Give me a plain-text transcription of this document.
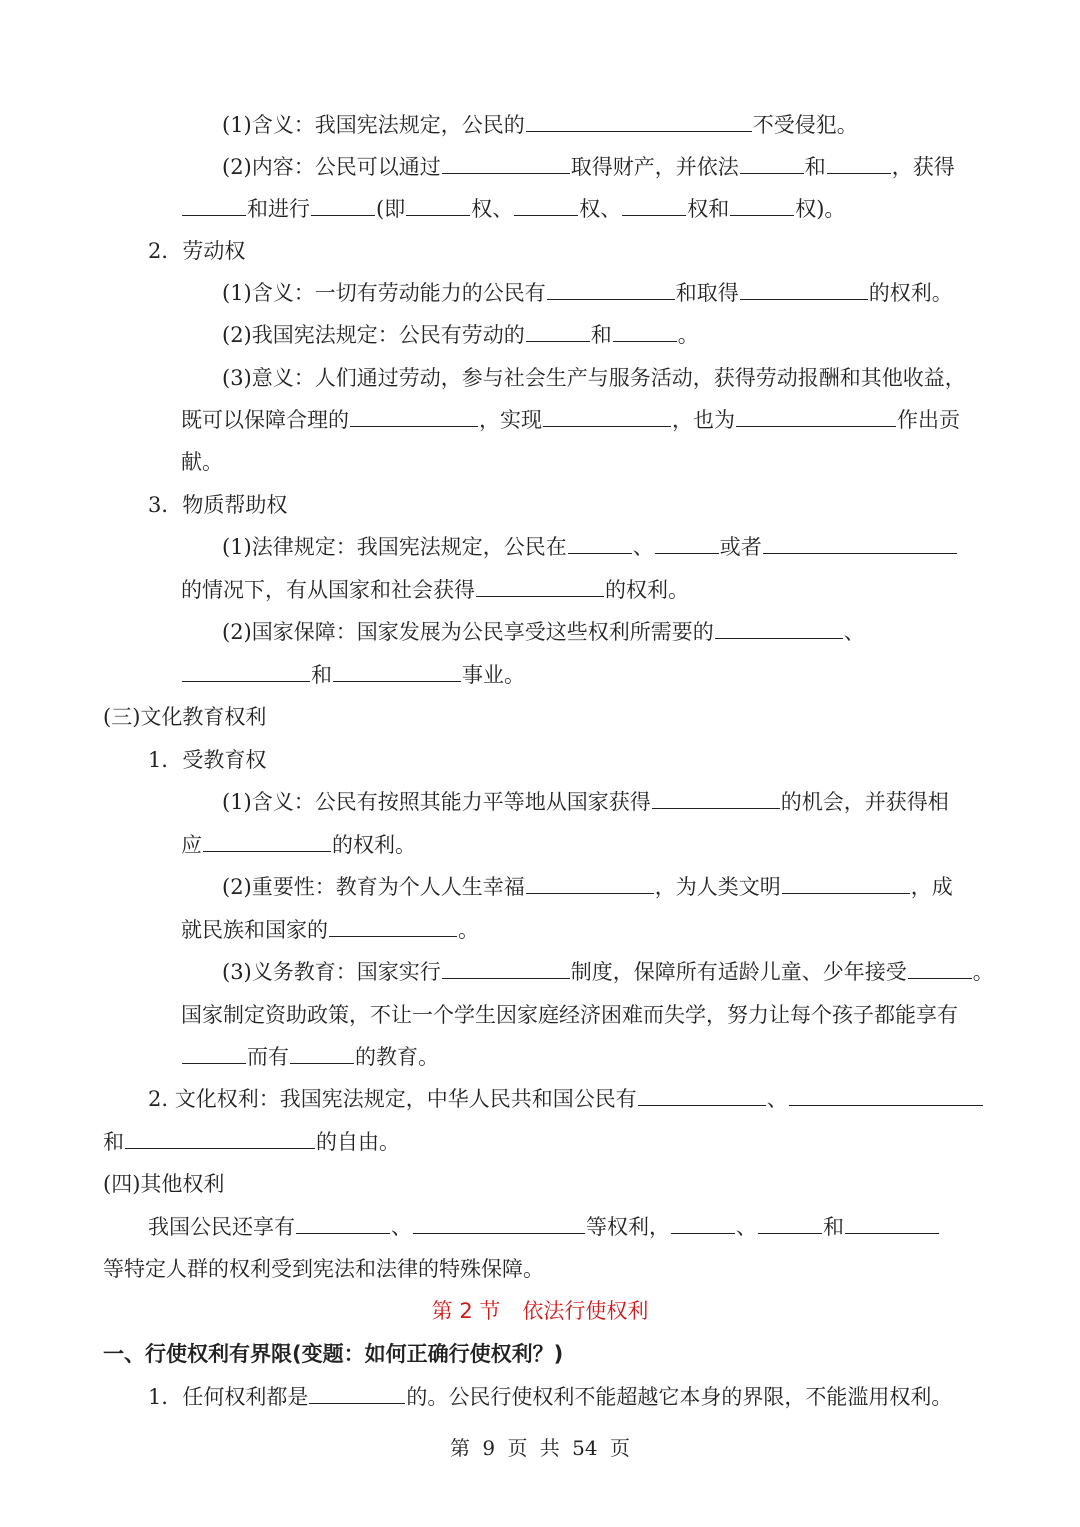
(1)含义：我国宪法规定，公民的	不受侵犯。
(2)内容：公民可以通过	取得财产，并依法	和	，获得
和进行	(即	权、	权、	权和	权)。
2．劳动权
(1)含义：一切有劳动能力的公民有	和取得	的权利。
(2)我国宪法规定：公民有劳动的	和	。
(3)意义：人们通过劳动，参与社会生产与服务活动，获得劳动报酬和其他收益，
既可以保障合理的	，实现	，也为	作出贡
献。
3．物质帮助权
(1)法律规定：我国宪法规定，公民在	、	或者
的情况下，有从国家和社会获得	的权利。
(2)国家保障：国家发展为公民享受这些权利所需要的	、
和	事业。
(三)文化教育权利
1．受教育权
(1)含义：公民有按照其能力平等地从国家获得	的机会，并获得相
应	的权利。
(2)重要性：教育为个人人生幸福	，为人类文明	，成
就民族和国家的	。
(3)义务教育：国家实行	制度，保障所有适龄儿童、少年接受	。
国家制定资助政策，不让一个学生因家庭经济困难而失学，努力让每个孩子都能享有
而有	的教育。
2. 文化权利：我国宪法规定，中华人民共和国公民有	、
和	的自由。
(四)其他权利
我国公民还享有	、	等权利，	、	和
等特定人群的权利受到宪法和法律的特殊保障。
第 2 节 依法行使权利
一、行使权利有界限(变题：如何正确行使权利？)
1．任何权利都是	的。公民行使权利不能超越它本身的界限，不能滥用权利。
第 9 页 共 54 页
